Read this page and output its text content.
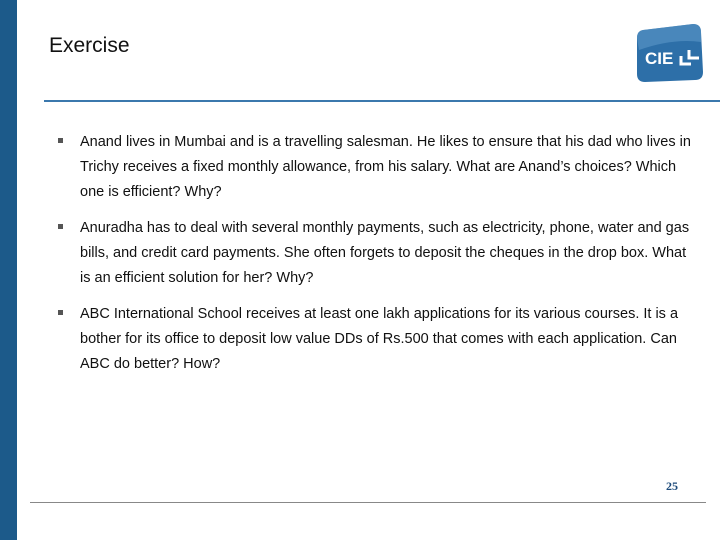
Exercise
CIE
Anand lives in Mumbai and is a travelling salesman. He likes to ensure that his dad who lives in Trichy receives a fixed monthly allowance, from his salary. What are Anand’s choices? Which one is efficient? Why?
Anuradha has to deal with several monthly payments, such as electricity, phone, water and gas bills, and credit card payments. She often forgets to deposit the cheques in the drop box. What is an efficient solution for her? Why?
ABC International School receives at least one lakh applications for its various courses. It is a bother for its office to deposit low value DDs of Rs.500 that comes with each application. Can ABC do better? How?
25
